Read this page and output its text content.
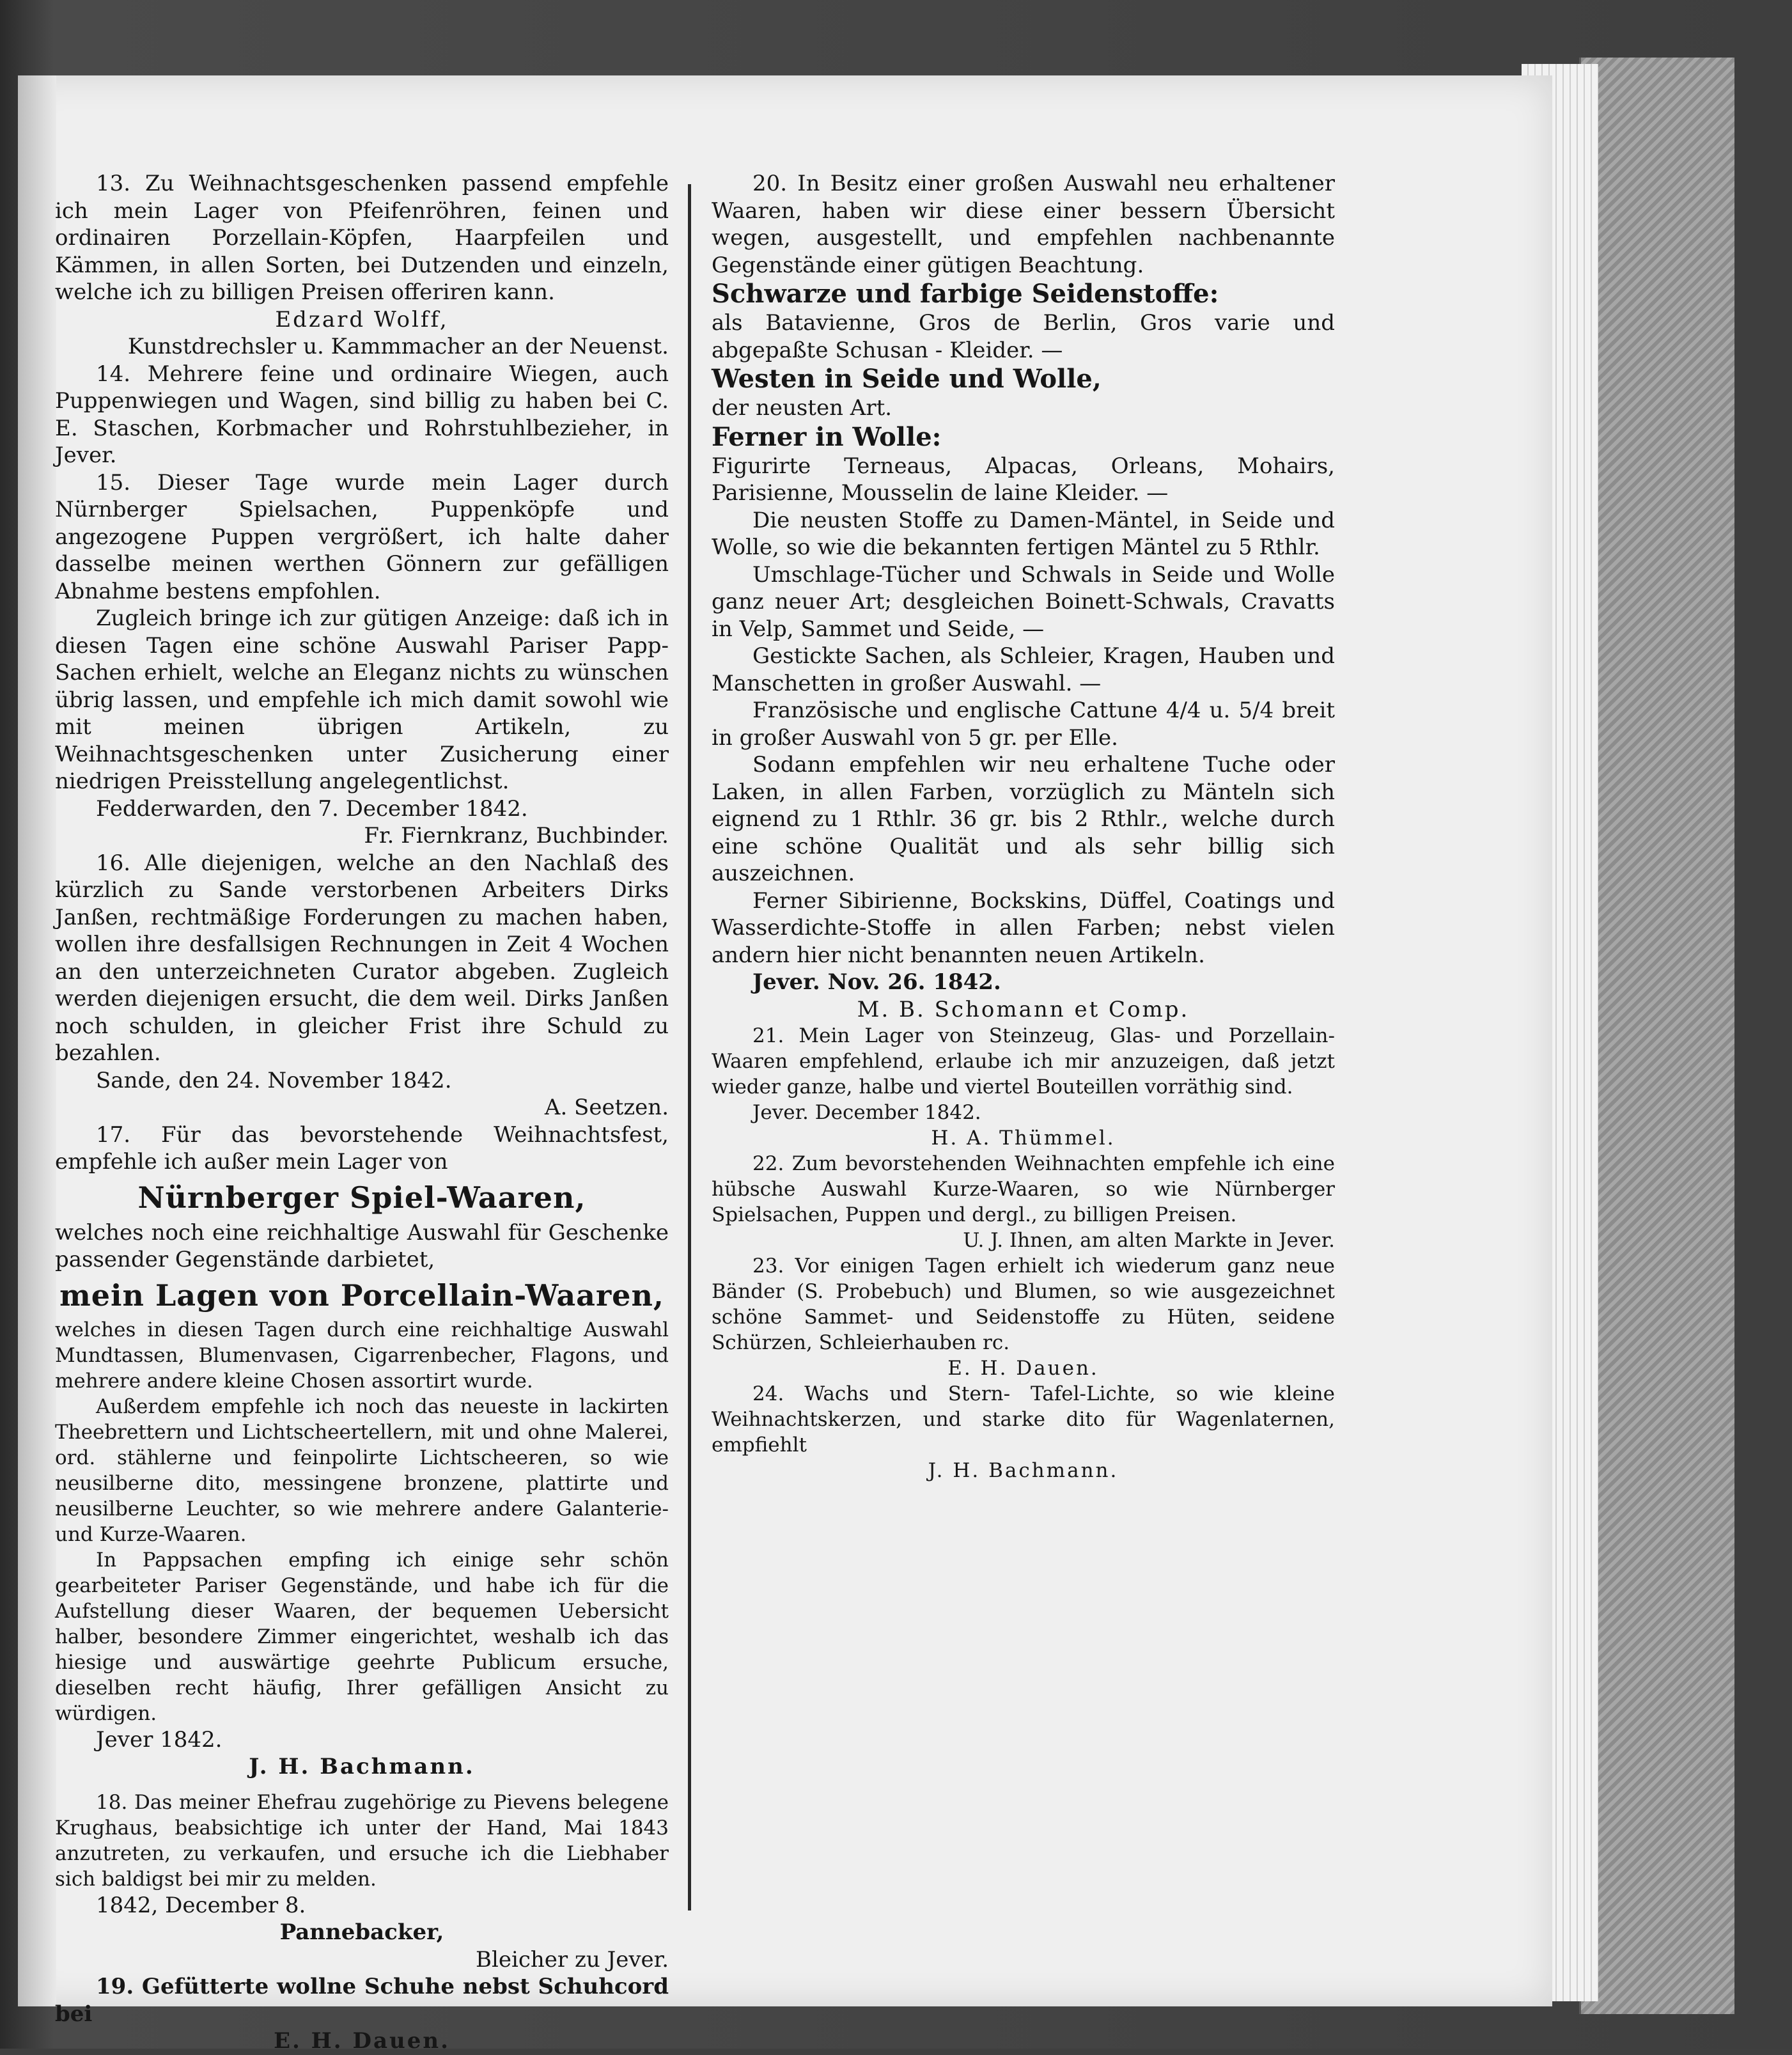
13. Zu Weihnachtsgeschenken passend empfehle ich mein Lager von Pfeifenröhren, feinen und ordinairen Porzellain-Köpfen, Haarpfeilen und Kämmen, in allen Sorten, bei Dutzenden und einzeln, welche ich zu billigen Preisen offeriren kann.

Edzard Wolff,

Kunstdrechsler u. Kammmacher an der Neuenst.

14. Mehrere feine und ordinaire Wiegen, auch Puppenwiegen und Wagen, sind billig zu haben bei C. E. Staschen, Korbmacher und Rohrstuhlbezieher, in Jever.

15. Dieser Tage wurde mein Lager durch Nürnberger Spielsachen, Puppenköpfe und angezogene Puppen vergrößert, ich halte daher dasselbe meinen werthen Gönnern zur gefälligen Abnahme bestens empfohlen.

Zugleich bringe ich zur gütigen Anzeige: daß ich in diesen Tagen eine schöne Auswahl Pariser Papp-Sachen erhielt, welche an Eleganz nichts zu wünschen übrig lassen, und empfehle ich mich damit sowohl wie mit meinen übrigen Artikeln, zu Weihnachtsgeschenken unter Zusicherung einer niedrigen Preisstellung angelegentlichst.

Fedderwarden, den 7. December 1842.

Fr. Fiernkranz, Buchbinder.

16. Alle diejenigen, welche an den Nachlaß des kürzlich zu Sande verstorbenen Arbeiters Dirks Janßen, rechtmäßige Forderungen zu machen haben, wollen ihre desfallsigen Rechnungen in Zeit 4 Wochen an den unterzeichneten Curator abgeben. Zugleich werden diejenigen ersucht, die dem weil. Dirks Janßen noch schulden, in gleicher Frist ihre Schuld zu bezahlen.

Sande, den 24. November 1842.

A. Seetzen.

17. Für das bevorstehende Weihnachtsfest, empfehle ich außer mein Lager von

Nürnberger Spiel-Waaren,

welches noch eine reichhaltige Auswahl für Geschenke passender Gegenstände darbietet,

mein Lagen von Porcellain-Waaren,

welches in diesen Tagen durch eine reichhaltige Auswahl Mundtassen, Blumenvasen, Cigarrenbecher, Flagons, und mehrere andere kleine Chosen assortirt wurde.

Außerdem empfehle ich noch das neueste in lackirten Theebrettern und Lichtscheertellern, mit und ohne Malerei, ord. stählerne und feinpolirte Lichtscheeren, so wie neusilberne dito, messingene bronzene, plattirte und neusilberne Leuchter, so wie mehrere andere Galanterie- und Kurze-Waaren.

In Pappsachen empfing ich einige sehr schön gearbeiteter Pariser Gegenstände, und habe ich für die Aufstellung dieser Waaren, der bequemen Uebersicht halber, besondere Zimmer eingerichtet, weshalb ich das hiesige und auswärtige geehrte Publicum ersuche, dieselben recht häufig, Ihrer gefälligen Ansicht zu würdigen.

Jever 1842.

J. H. Bachmann.

18. Das meiner Ehefrau zugehörige zu Pievens belegene Krughaus, beabsichtige ich unter der Hand, Mai 1843 anzutreten, zu verkaufen, und ersuche ich die Liebhaber sich baldigst bei mir zu melden.

1842, December 8.

Pannebacker,

Bleicher zu Jever.

19. Gefütterte wollne Schuhe nebst Schuhcord bei

E. H. Dauen.

20. In Besitz einer großen Auswahl neu erhaltener Waaren, haben wir diese einer bessern Übersicht wegen, ausgestellt, und empfehlen nachbenannte Gegenstände einer gütigen Beachtung.

Schwarze und farbige Seidenstoffe:

als Batavienne, Gros de Berlin, Gros varie und abgepaßte Schusan - Kleider. —

Westen in Seide und Wolle,

der neusten Art.

Ferner in Wolle:

Figurirte Terneaus, Alpacas, Orleans, Mohairs, Parisienne, Mousselin de laine Kleider. —

Die neusten Stoffe zu Damen-Mäntel, in Seide und Wolle, so wie die bekannten fertigen Mäntel zu 5 Rthlr.

Umschlage-Tücher und Schwals in Seide und Wolle ganz neuer Art; desgleichen Boinett-Schwals, Cravatts in Velp, Sammet und Seide, —

Gestickte Sachen, als Schleier, Kragen, Hauben und Manschetten in großer Auswahl. —

Französische und englische Cattune 4/4 u. 5/4 breit in großer Auswahl von 5 gr. per Elle.

Sodann empfehlen wir neu erhaltene Tuche oder Laken, in allen Farben, vorzüglich zu Mänteln sich eignend zu 1 Rthlr. 36 gr. bis 2 Rthlr., welche durch eine schöne Qualität und als sehr billig sich auszeichnen.

Ferner Sibirienne, Bockskins, Düffel, Coatings und Wasserdichte-Stoffe in allen Farben; nebst vielen andern hier nicht benannten neuen Artikeln.

Jever. Nov. 26. 1842.

M. B. Schomann et Comp.

21. Mein Lager von Steinzeug, Glas- und Porzellain-Waaren empfehlend, erlaube ich mir anzuzeigen, daß jetzt wieder ganze, halbe und viertel Bouteillen vorräthig sind.

Jever. December 1842.

H. A. Thümmel.

22. Zum bevorstehenden Weihnachten empfehle ich eine hübsche Auswahl Kurze-Waaren, so wie Nürnberger Spielsachen, Puppen und dergl., zu billigen Preisen.

U. J. Ihnen, am alten Markte in Jever.

23. Vor einigen Tagen erhielt ich wiederum ganz neue Bänder (S. Probebuch) und Blumen, so wie ausgezeichnet schöne Sammet- und Seidenstoffe zu Hüten, seidene Schürzen, Schleierhauben rc.

E. H. Dauen.

24. Wachs und Stern- Tafel-Lichte, so wie kleine Weihnachtskerzen, und starke dito für Wagenlaternen, empfiehlt

J. H. Bachmann.
